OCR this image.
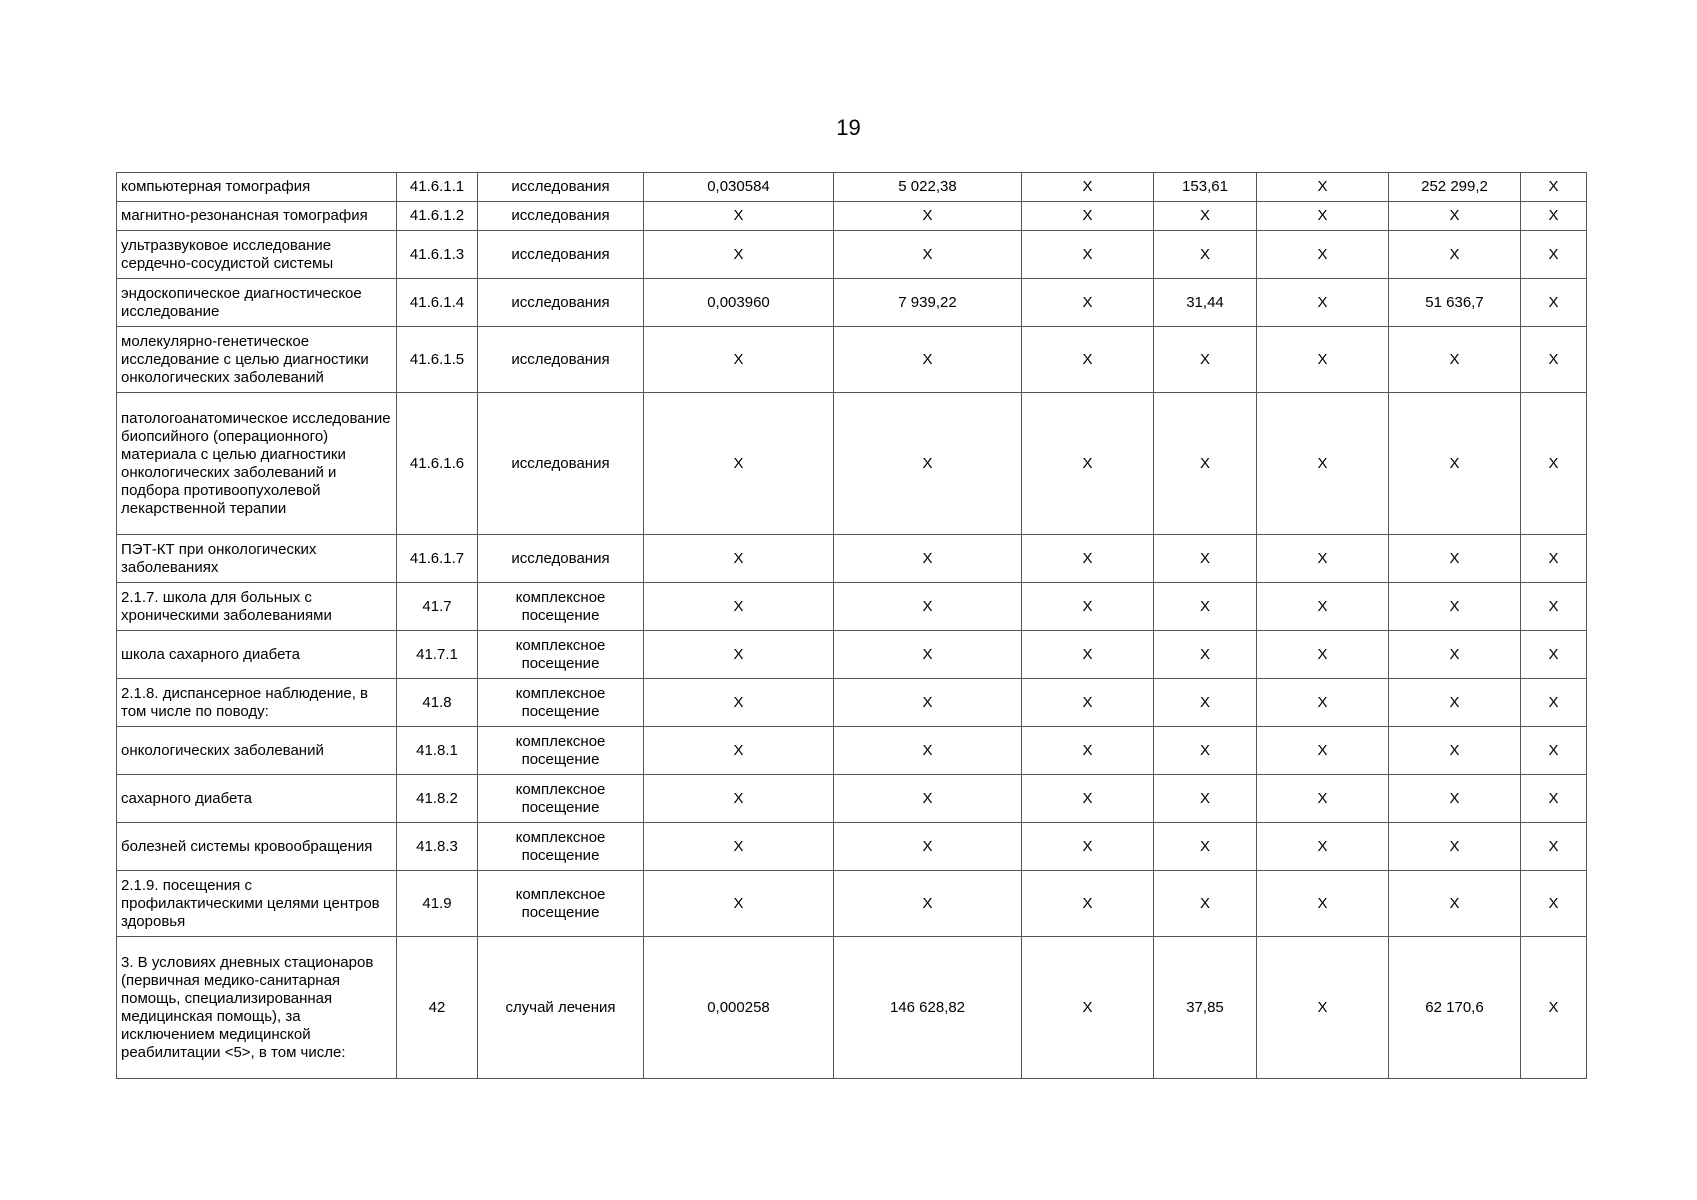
19
компьютерная томография	41.6.1.1	исследования	0,030584	5 022,38	X	153,61	X	252 299,2	X
магнитно-резонансная томография	41.6.1.2	исследования	X	X	X	X	X	X	X
ультразвуковое исследование сердечно-сосудистой системы	41.6.1.3	исследования	X	X	X	X	X	X	X
эндоскопическое диагностическое исследование	41.6.1.4	исследования	0,003960	7 939,22	X	31,44	X	51 636,7	X
молекулярно-генетическое исследование с целью диагностики онкологических заболеваний	41.6.1.5	исследования	X	X	X	X	X	X	X
патологоанатомическое исследование биопсийного (операционного) материала с целью диагностики онкологических заболеваний и подбора противоопухолевой лекарственной терапии	41.6.1.6	исследования	X	X	X	X	X	X	X
ПЭТ-КТ при онкологических заболеваниях	41.6.1.7	исследования	X	X	X	X	X	X	X
2.1.7. школа для больных с хроническими заболеваниями	41.7	комплексное посещение	X	X	X	X	X	X	X
школа сахарного диабета	41.7.1	комплексное посещение	X	X	X	X	X	X	X
2.1.8. диспансерное наблюдение, в том числе по поводу:	41.8	комплексное посещение	X	X	X	X	X	X	X
онкологических заболеваний	41.8.1	комплексное посещение	X	X	X	X	X	X	X
сахарного диабета	41.8.2	комплексное посещение	X	X	X	X	X	X	X
болезней системы кровообращения	41.8.3	комплексное посещение	X	X	X	X	X	X	X
2.1.9. посещения с профилактическими целями центров здоровья	41.9	комплексное посещение	X	X	X	X	X	X	X
3. В условиях дневных стационаров (первичная медико-санитарная помощь, специализированная медицинская помощь), за исключением медицинской реабилитации <5>, в том числе:	42	случай лечения	0,000258	146 628,82	X	37,85	X	62 170,6	X
